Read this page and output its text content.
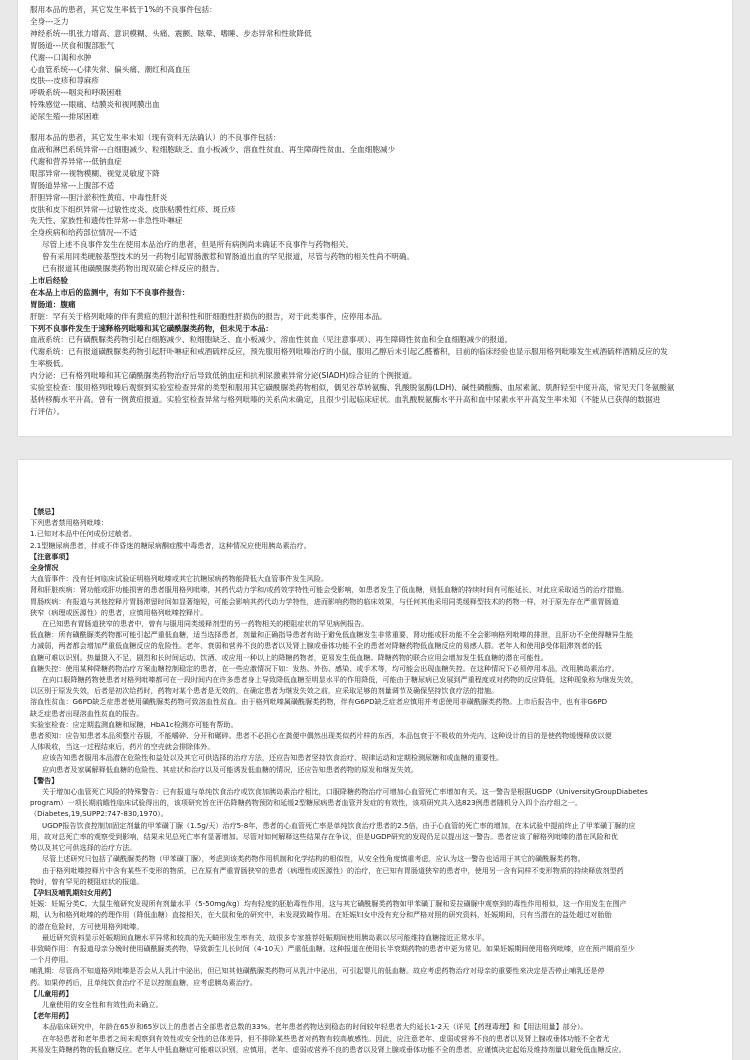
服用本品的患者，其它发生率低于1%的不良事件包括：
全身---乏力
神经系统---肌张力增高、意识模糊、头痛、震颤、眩晕、嗜睡、步态异常和性欲降低
胃肠道---厌食和腹部胀气
代谢---口渴和水肿
心血管系统---心律失常、偏头痛、潮红和高血压
皮肤---皮疹和荨麻疹
呼吸系统---咽炎和呼吸困难
特殊感觉---眼痛、结膜炎和视网膜出血
泌尿生殖---排尿困难
服用本品的患者，其它发生率未知（现有资料无法确认）的不良事件包括：
血液和淋巴系统异常---白细胞减少、粒细胞缺乏、血小板减少、溶血性贫血、再生障碍性贫血、全血细胞减少
代谢和营养异常---低钠血症
眼部异常---视物模糊、视觉灵敏度下降
胃肠道异常---上腹部不适
肝胆异常---胆汁淤积性黄疸、中毒性肝炎
皮肤和皮下组织异常---过敏性皮炎、皮肤粘膜性红疹、斑丘疹
先天性、家族性和遗传性异常---非急性卟啉症
全身疾病和给药部位情况---不适
尽管上述不良事件发生在使用本品治疗的患者，但是所有病例尚未确证不良事件与药物相关。
曾有采用同类硬胺基型技术的另一药物引起胃肠激惹和胃肠道出血的罕见报道，尽管与药物的相关性尚不明确。
已有报道其他磺酰脲类药物出现双硫仑样反应的报告。
上市后经验
在本品上市后的监测中，有如下不良事件报告：
胃肠道：腹痛
肝脏：罕有关于格列吡嗪的伴有黄疸的胆汁淤积性和肝细胞性肝损伤的报告，对于此类事件，应停用本品。
下列不良事件发生于速释格列吡嗪和其它磺酰脲类药物，但未见于本品：
血液系统：已有磺酰脲类药物引起白细胞减少、粒细胞缺乏、血小板减少、溶血性贫血（见注意事项）、再生障碍性贫血和全血细胞减少的报道。
代谢系统：已有报道磺酰脲类药物引起肝卟啉症和戒酒硫样反应，预先服用格列吡嗪治疗的小鼠，服用乙醇后未引起乙醛蓄积，目前的临床经验也显示服用格列吡嗪发生戒酒硫样酒精反应的发
生率极低。
内分泌：已有格列吡嗪和其它磺酰脲类药物治疗后导致低钠血症和抗利尿激素异常分泌(SIADH)综合征的个例报道。
实验室检查：服用格列吡嗪后观察到实验室检查异常的类型和服用其它磺酰脲类药物相似，偶见谷草转氨酶、乳酸脱氢酶(LDH)、碱性磷酸酶、血尿素氮、肌酐轻至中度升高，常见天门冬氨酸氨
基转移酶水平升高。曾有一例黄疸报道。实验室检查异常与格列吡嗪的关系尚未确定，且很少引起临床症状。血乳酸脱氨酶水平升高和血中尿素水平升高发生率未知（不能从已获得的数据进
行评估）。
【禁忌】
下列患者禁用格列吡嗪：
1.已知对本品中任何成份过敏者。
2.1型糖尿病患者，伴或不伴昏迷的糖尿病酮症酸中毒患者，这种情况应使用胰岛素治疗。
【注意事项】
全身情况
大血管事件：没有任何临床试验证明格列吡嗪或其它抗糖尿病药物能降低大血管事件发生风险。
肾和肝脏疾病：肾功能或肝功能损害的患者服用格列吡嗪，其药代动力学和/或药效学特性可能会受影响，如患者发生了低血糖，则低血糖的持续时间有可能延长，对此应采取适当的治疗措施。
胃肠疾病：有报道与其他控释片胃肠滞留时间如显著缩短，可能会影响其药代动力学特性，进而影响药物的临床效果，与任何其他采用同类缓释型技术的药物一样，对于原先存在严重胃肠道
狭窄（病理或医源性）的患者，应慎用格列吡嗪控释片。
在已知患有胃肠道狭窄的患者中，曾有与服用同类缓释剂型的另一药物相关的梗阻症状的罕见病例报告。
低血糖：所有磺酰脲类药物都可能引起严重低血糖，适当选择患者，剂量和正确指导患者有助于避免低血糖发生非常重要，肾功能或肝功能不全会影响格列吡嗪的排泄，且肝功不全使得糖异生能
力减弱，两者都会增加严重低血糖反应的危险性。老年、衰弱和营养不良的患者以及肾上腺或垂体功能不全的患者对降糖药物低血糖反应的易感人群。老年人和使用β受体阻滞剂者的低
血糖可难以识别。热量摄入不足，剧烈和长时间运动、饮酒、或应用一种以上的降糖药物者，更易发生低血糖。降糖药物的联合应用会增加发生低血糖的潜在可能性。
血糖失控：使用某种降糖药物治疗方案血糖控制稳定的患者，在一些应激情况下如：发热、外伤、感染、或手术等，均可能会出现血糖失控。在这种情况下必须停用本品，改用胰岛素治疗。
在向口服降糖药物使患者对格列吡嗪都可在一段时间内在许多患者身上导致降低血糖至明显水平的作用降低，可能由于糖尿病已发展到严重程度或对药物的反应降低，这种现象称为继发失效，
以区别于原发失效，后者是初次给药时，药物对某个患者是无效的，在确定患者为继发失效之前，应采取足够的剂量调节及确保坚持饮食疗法的措施。
溶血性贫血：G6PD缺乏症患者使用磺酰脲类药物可致溶血性贫血。由于格列吡嗪属磺酰脲类药物，伴有G6PD缺乏症者应慎用并考虑使用非磺酰脲类药物。上市后报告中，也有非G6PD
缺乏症患者出现溶血性贫血的报告。
实验室检查：应定期监测血糖和尿糖，HbA1c检测亦可能有帮助。
患者须知：应告知患者本品须整片吞服，不能嚼碎、分开和碾碎。患者不必担心在粪便中偶然出现类似药片样的东西，本品包衰于不吸收的外壳内，这种设计的目的是使药物缓慢释放以便
人体吸收，当这一过程结束后，药片的空壳就会排除体外。
应该告知患者服用本品潜在危险性和益处以及其它可供选择的治疗方法，还应告知患者坚持饮食治疗、规律运动和定期检测尿糖和或血糖的重要性。
应向患者及家属解释低血糖的危险性、其症状和治疗以及可能诱发低血糖的情况，还应告知患者药物的原发和继发失效。
【警告】
关于增加心血管死亡风险的特殊警告：已有报道与单纯饮食治疗或饮食加胰岛素治疗相比，口服降糖药物治疗可增加心血管死亡率增加有关。这一警告是根据UGDP（UniversityGroupDiabetes
program）一项长期前瞻性临床试验得出的，该项研究旨在评估降糖药物预防和延缓2型糖尿病患者血管并发症的有效性，该项研究共入选823例患者随机分入四个治疗组之一。
（Diabetes,19,SUPP2:747-830,1970）。
UGDP报告饮食控制加固定剂量的甲苯磺丁脲（1.5g/天）治疗5-8年，患者的心血管死亡率是单纯饮食治疗患者的2.5倍，由于心血管的死亡率的增加，在本试验中提前终止了甲苯磺丁脲的应
用，故对总死亡率的观察受到影响，结果未见总死亡率有显著增加。尽管对如何解释这些结果存在争议，但是UGDP研究的发现仍足以提出这一警告。患者应该了解格列吡嗪的潜在风险和优
势以及其它可供选择的治疗方法。
尽管上述研究只包括了磺酰脲类药物（甲苯磺丁脲），考虑到该类药物作用机制和化学结构的相似性，从安全性角度慎重考虑，应认为这一警告也适用于其它的磺酰脲类药物。
由于格列吡嗪控释片中含有某些不变形的物质，已在原有严重胃肠狭窄的患者（病理性或医源性）的治疗，在已知有胃肠道狭窄的患者中，使用另一含有同样不变形物质的持续释放剂型药
物时，曾有罕见的梗阻症状的报道。
【孕妇及哺乳期妇女用药】
妊娠：妊娠分类C。大鼠生殖研究发现所有剂量水平（5-50mg/kg）均有轻度的胚胎毒性作用，这与其它磺酰脲类药物如甲苯磺丁脲和妥拉磺脲中观察到的毒性作用相似，这一作用发生在围产
期，认为和格列吡嗪的药理作用（降低血糖）直接相关，在大鼠和兔的研究中，未发现致畸作用。在妊娠妇女中没有充分和严格对照的研究资料，妊娠期间，只有当潜在的益处超过对胎胎
的潜在危险时，方可使用格列吡嗪。
最近研究资料显示妊娠期间血糖水平异常和较高的先天畸形发生率有关，故很多专家推荐妊娠期间使用胰岛素以尽可能维持血糖接近正常水平。
非致畸作用：有报道母亲分娩时使用磺酰脲类药物，导致新生儿长时间（4-10天）严重低血糖。这种报道在使用长半衰期药物的患者中更为常见。如果妊娠期间使用格列吡嗪，应在预产期前至少
一个月停用。
哺乳期：尽管尚不知道格列吡嗪是否会从人乳汁中泌出，但已知其他磺酰脲类药物可从乳汁中泌出，可引起婴儿的低血糖。故应考虑药物治疗对母亲的重要性来决定是否停止哺乳还是停
药。如果停药后，且单纯饮食治疗不足以控制血糖，应考虑胰岛素治疗。
【儿童用药】
儿童使用的安全性和有效性尚未确立。
【老年用药】
本品临床研究中，年龄在65岁和65岁以上的患者占全部患者总数的33%。老年患者药物达到稳态的时间较年轻患者大约延长1-2天（详见【药理毒理】和【用法用量】部分）。
在年轻患者和老年患者之间未观察到有效性或安全性的总体差异，但不排除某些患者对药物有较高敏感性。因此，应注意老年、虚弱或营养不良的患者以及肾上腺或垂体功能不全者尤
其易发生降糖药物的低血糖反应。老年人中低血糖症可能难以识别，应慎用，老年、虚弱或营养不良的患者以及肾上腺或垂体功能不全的患者，应谨慎决定起始及维持剂量以避免低血糖反应。
